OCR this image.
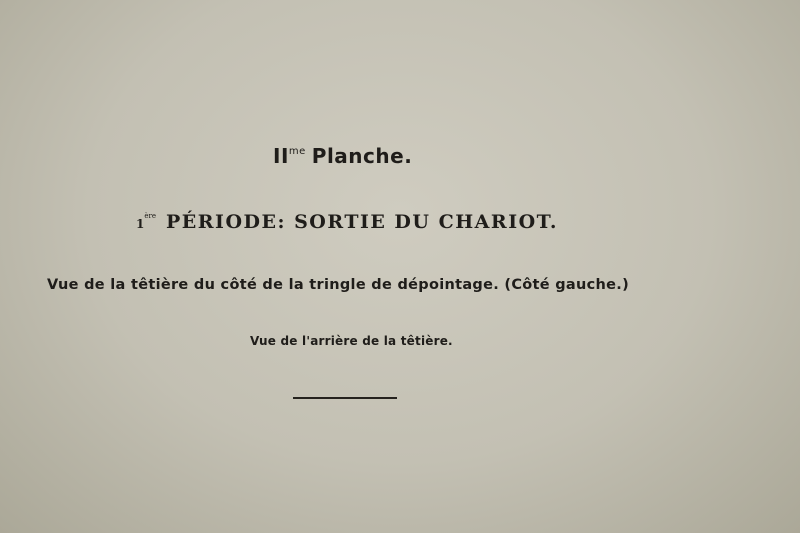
$II^{me}$ Planche.
1ère PÉRIODE: SORTIE DU CHARIOT.
Vue de la têtière du côté de la tringle de dépointage. (Côté gauche.)
Vue de l'arrière de la têtière.
